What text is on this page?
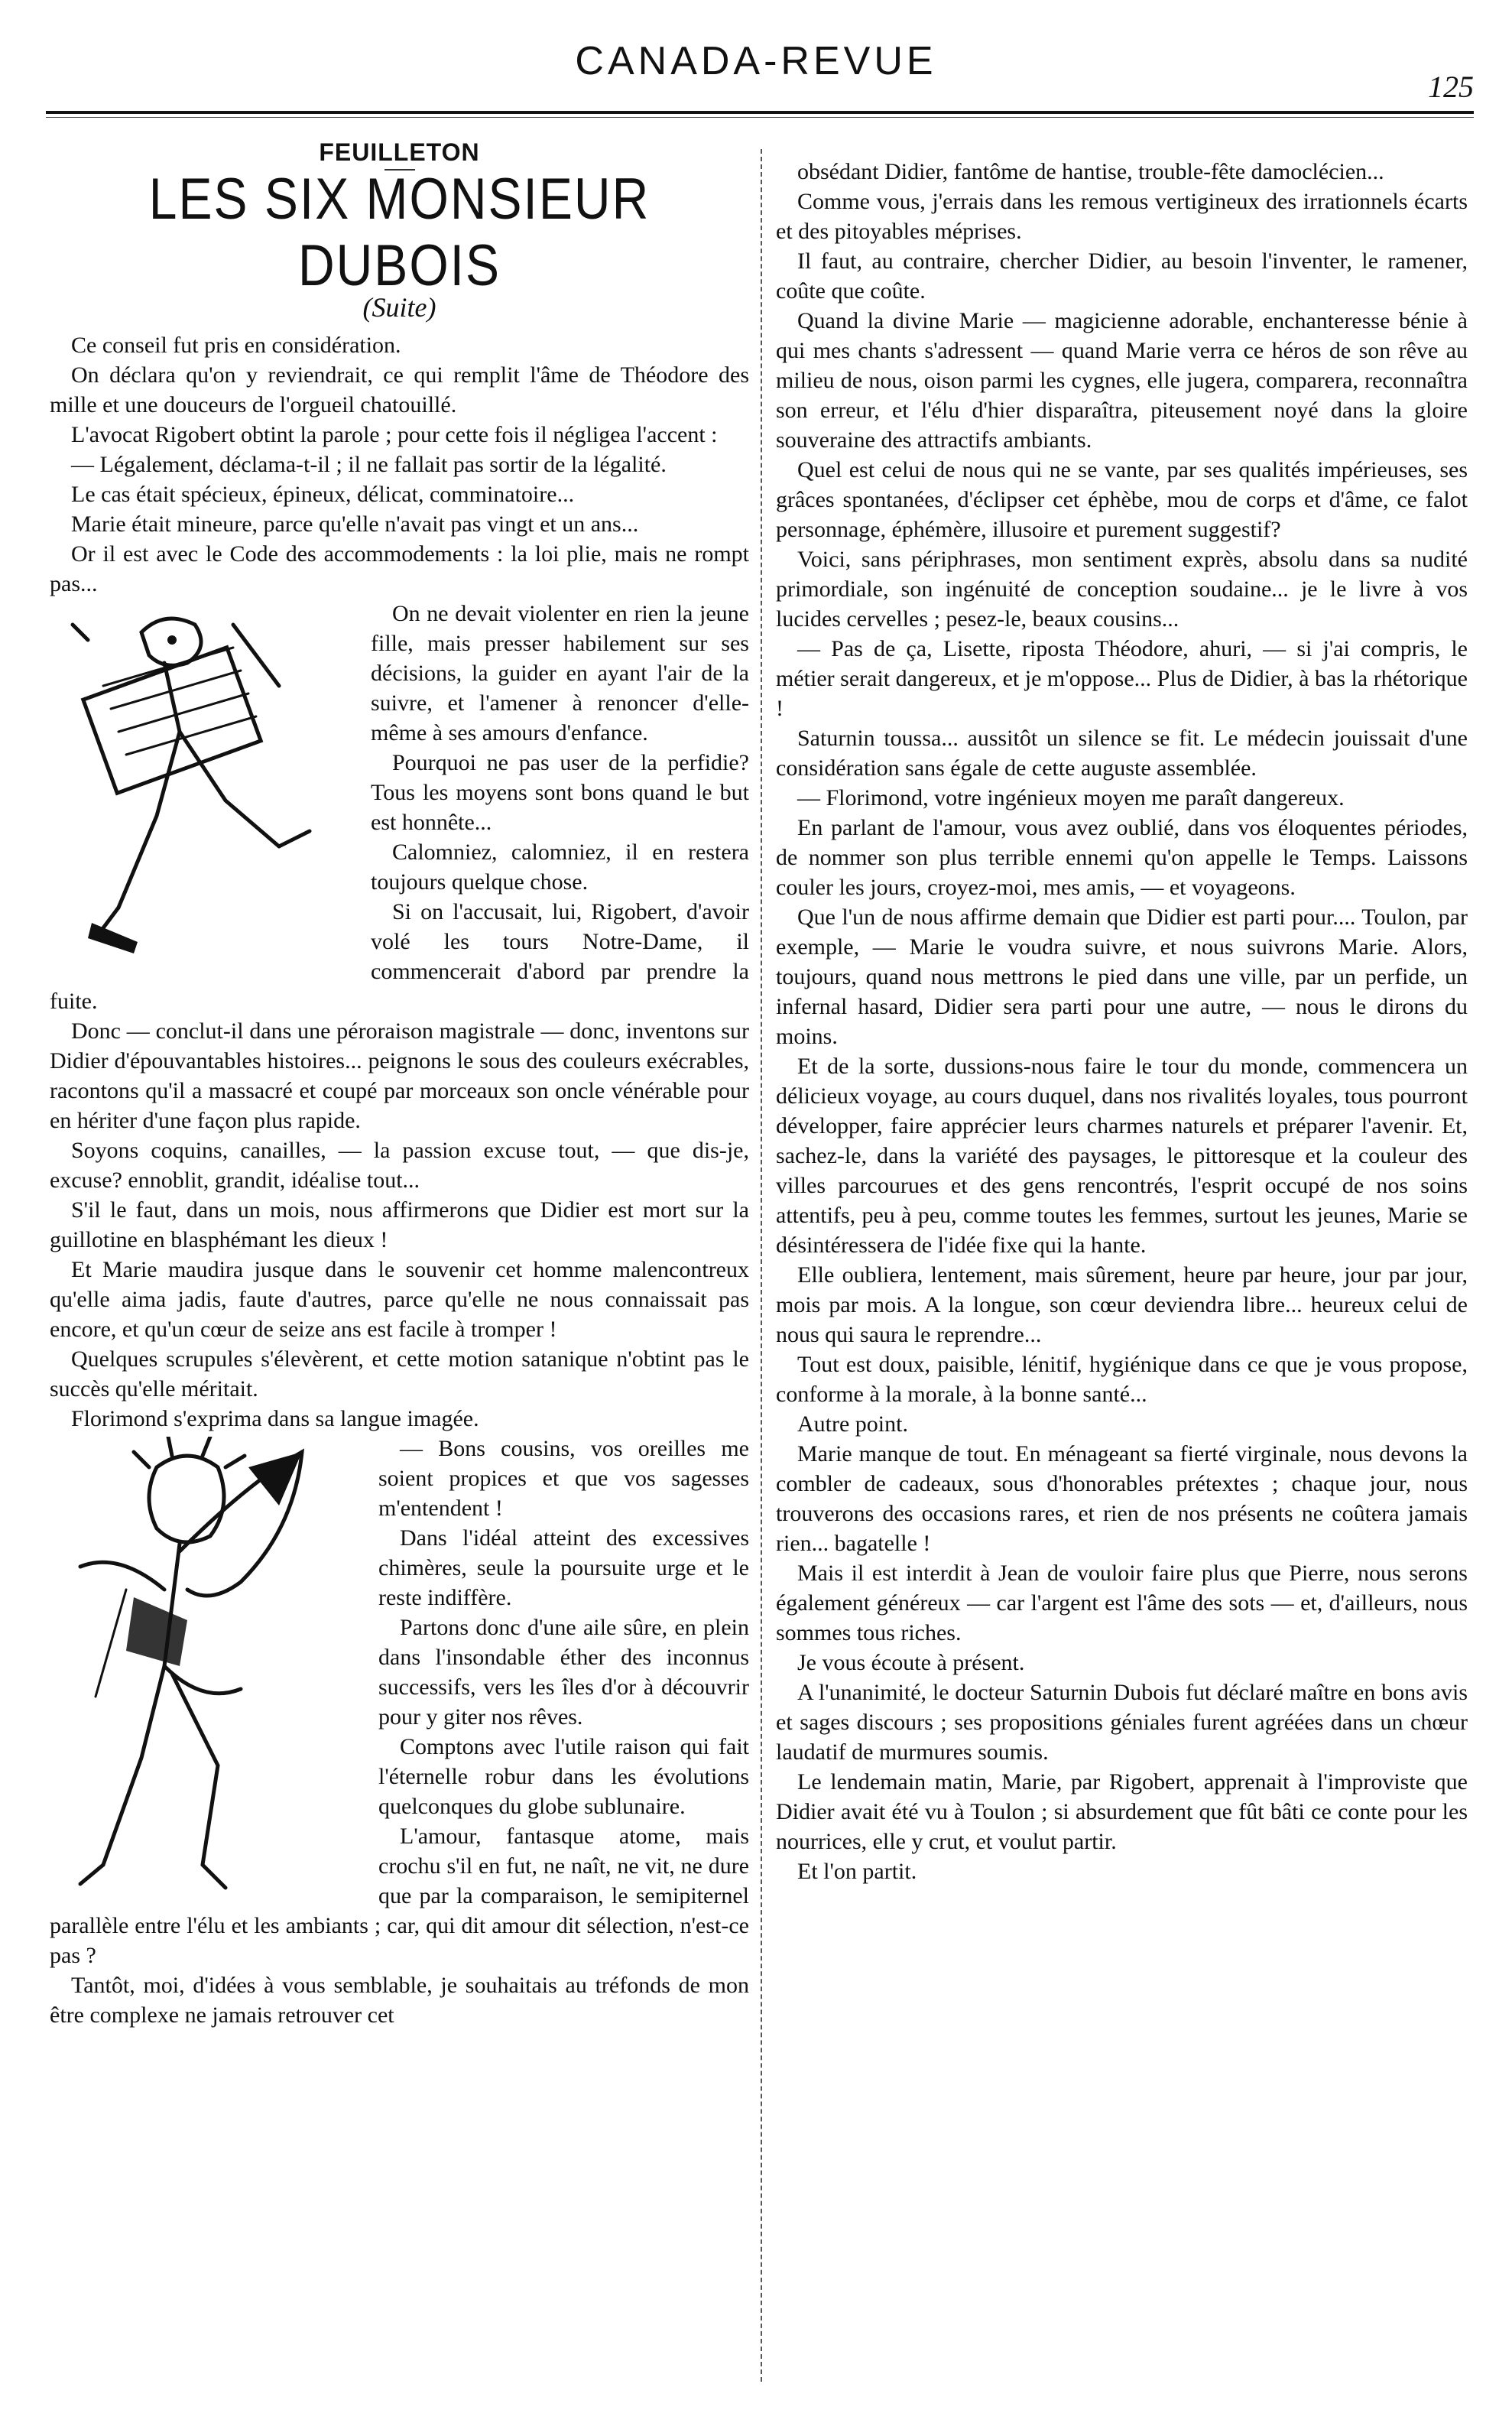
CANADA-REVUE
125
FEUILLETON
LES SIX MONSIEUR DUBOIS
(Suite)

Ce conseil fut pris en considération.

On déclara qu'on y reviendrait, ce qui remplit l'âme de Théodore des mille et une douceurs de l'orgueil chatouillé.

L'avocat Rigobert obtint la parole ; pour cette fois il négligea l'accent :

— Légalement, déclama-t-il ; il ne fallait pas sortir de la légalité.

Le cas était spécieux, épineux, délicat, comminatoire...

Marie était mineure, parce qu'elle n'avait pas vingt et un ans...

Or il est avec le Code des accommodements : la loi plie, mais ne rompt pas...

On ne devait violenter en rien la jeune fille, mais presser habilement sur ses décisions, la guider en ayant l'air de la suivre, et l'amener à renoncer d'elle-même à ses amours d'enfance.

Pourquoi ne pas user de la perfidie? Tous les moyens sont bons quand le but est honnête...

Calomniez, calomniez, il en restera toujours quelque chose.

Si on l'accusait, lui, Rigobert, d'avoir volé les tours Notre-Dame, il commencerait d'abord par prendre la fuite.

Donc — conclut-il dans une péroraison magistrale — donc, inventons sur Didier d'épouvantables histoires... peignons le sous des couleurs exécrables, racontons qu'il a massacré et coupé par morceaux son oncle vénérable pour en hériter d'une façon plus rapide.

Soyons coquins, canailles, — la passion excuse tout, — que dis-je, excuse? ennoblit, grandit, idéalise tout...

S'il le faut, dans un mois, nous affirmerons que Didier est mort sur la guillotine en blasphémant les dieux !

Et Marie maudira jusque dans le souvenir cet homme malencontreux qu'elle aima jadis, faute d'autres, parce qu'elle ne nous connaissait pas encore, et qu'un cœur de seize ans est facile à tromper !

Quelques scrupules s'élevèrent, et cette motion satanique n'obtint pas le succès qu'elle méritait.

Florimond s'exprima dans sa langue imagée.

— Bons cousins, vos oreilles me soient propices et que vos sagesses m'entendent !

Dans l'idéal atteint des excessives chimères, seule la poursuite urge et le reste indiffère.

Partons donc d'une aile sûre, en plein dans l'insondable éther des inconnus successifs, vers les îles d'or à découvrir pour y giter nos rêves.

Comptons avec l'utile raison qui fait l'éternelle robur dans les évolutions quelconques du globe sublunaire.

L'amour, fantasque atome, mais crochu s'il en fut, ne naît, ne vit, ne dure que par la comparaison, le semipiternel parallèle entre l'élu et les ambiants ; car, qui dit amour dit sélection, n'est-ce pas ?

Tantôt, moi, d'idées à vous semblable, je souhaitais au tréfonds de mon être complexe ne jamais retrouver cet

obsédant Didier, fantôme de hantise, trouble-fête damoclécien...

Comme vous, j'errais dans les remous vertigineux des irrationnels écarts et des pitoyables méprises.

Il faut, au contraire, chercher Didier, au besoin l'inventer, le ramener, coûte que coûte.

Quand la divine Marie — magicienne adorable, enchanteresse bénie à qui mes chants s'adressent — quand Marie verra ce héros de son rêve au milieu de nous, oison parmi les cygnes, elle jugera, comparera, reconnaîtra son erreur, et l'élu d'hier disparaîtra, piteusement noyé dans la gloire souveraine des attractifs ambiants.

Quel est celui de nous qui ne se vante, par ses qualités impérieuses, ses grâces spontanées, d'éclipser cet éphèbe, mou de corps et d'âme, ce falot personnage, éphémère, illusoire et purement suggestif?

Voici, sans périphrases, mon sentiment exprès, absolu dans sa nudité primordiale, son ingénuité de conception soudaine... je le livre à vos lucides cervelles ; pesez-le, beaux cousins...

— Pas de ça, Lisette, riposta Théodore, ahuri, — si j'ai compris, le métier serait dangereux, et je m'oppose... Plus de Didier, à bas la rhétorique !

Saturnin toussa... aussitôt un silence se fit. Le médecin jouissait d'une considération sans égale de cette auguste assemblée.

— Florimond, votre ingénieux moyen me paraît dangereux.

En parlant de l'amour, vous avez oublié, dans vos éloquentes périodes, de nommer son plus terrible ennemi qu'on appelle le Temps. Laissons couler les jours, croyez-moi, mes amis, — et voyageons.

Que l'un de nous affirme demain que Didier est parti pour.... Toulon, par exemple, — Marie le voudra suivre, et nous suivrons Marie. Alors, toujours, quand nous mettrons le pied dans une ville, par un perfide, un infernal hasard, Didier sera parti pour une autre, — nous le dirons du moins.

Et de la sorte, dussions-nous faire le tour du monde, commencera un délicieux voyage, au cours duquel, dans nos rivalités loyales, tous pourront développer, faire apprécier leurs charmes naturels et préparer l'avenir. Et, sachez-le, dans la variété des paysages, le pittoresque et la couleur des villes parcourues et des gens rencontrés, l'esprit occupé de nos soins attentifs, peu à peu, comme toutes les femmes, surtout les jeunes, Marie se désintéressera de l'idée fixe qui la hante.

Elle oubliera, lentement, mais sûrement, heure par heure, jour par jour, mois par mois. A la longue, son cœur deviendra libre... heureux celui de nous qui saura le reprendre...

Tout est doux, paisible, lénitif, hygiénique dans ce que je vous propose, conforme à la morale, à la bonne santé...

Autre point.

Marie manque de tout. En ménageant sa fierté virginale, nous devons la combler de cadeaux, sous d'honorables prétextes ; chaque jour, nous trouverons des occasions rares, et rien de nos présents ne coûtera jamais rien... bagatelle !

Mais il est interdit à Jean de vouloir faire plus que Pierre, nous serons également généreux — car l'argent est l'âme des sots — et, d'ailleurs, nous sommes tous riches.

Je vous écoute à présent.

A l'unanimité, le docteur Saturnin Dubois fut déclaré maître en bons avis et sages discours ; ses propositions géniales furent agréées dans un chœur laudatif de murmures soumis.

Le lendemain matin, Marie, par Rigobert, apprenait à l'improviste que Didier avait été vu à Toulon ; si absurdement que fût bâti ce conte pour les nourrices, elle y crut, et voulut partir.

Et l'on partit.
